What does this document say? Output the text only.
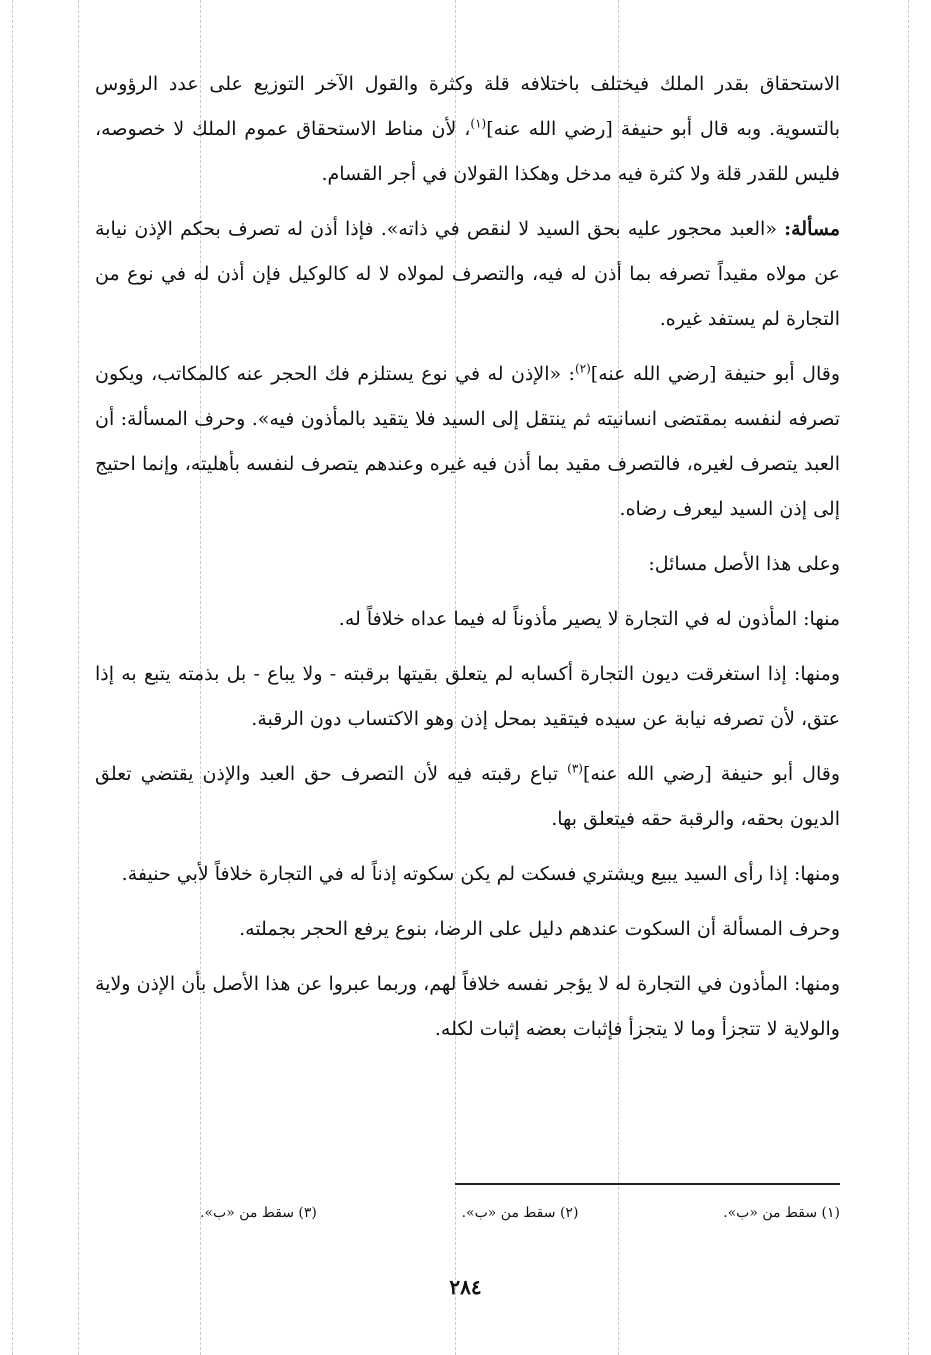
الاستحقاق بقدر الملك فيختلف باختلافه قلة وكثرة والقول الآخر التوزيع على عدد الرؤوس بالتسوية. وبه قال أبو حنيفة [رضي الله عنه]$^{(١)}$، لأن مناط الاستحقاق عموم الملك لا خصوصه، فليس للقدر قلة ولا كثرة فيه مدخل وهكذا القولان في أجر القسام.

مسألة: «العبد محجور عليه بحق السيد لا لنقص في ذاته». فإذا أذن له تصرف بحكم الإذن نيابة عن مولاه مقيداً تصرفه بما أذن له فيه، والتصرف لمولاه لا له كالوكيل فإن أذن له في نوع من التجارة لم يستفد غيره.

وقال أبو حنيفة [رضي الله عنه]$^{(٢)}$: «الإذن له في نوع يستلزم فك الحجر عنه كالمكاتب، ويكون تصرفه لنفسه بمقتضى انسانيته ثم ينتقل إلى السيد فلا يتقيد بالمأذون فيه». وحرف المسألة: أن العبد يتصرف لغيره، فالتصرف مقيد بما أذن فيه غيره وعندهم يتصرف لنفسه بأهليته، وإنما احتيج إلى إذن السيد ليعرف رضاه.

وعلى هذا الأصل مسائل:

منها: المأذون له في التجارة لا يصير مأذوناً له فيما عداه خلافاً له.

ومنها: إذا استغرقت ديون التجارة أكسابه لم يتعلق بقيتها برقبته - ولا يباع - بل بذمته يتبع به إذا عتق، لأن تصرفه نيابة عن سيده فيتقيد بمحل إذن وهو الاكتساب دون الرقبة.

وقال أبو حنيفة [رضي الله عنه]$^{(٣)}$ تباع رقبته فيه لأن التصرف حق العبد والإذن يقتضي تعلق الديون بحقه، والرقبة حقه فيتعلق بها.

ومنها: إذا رأى السيد يبيع ويشتري فسكت لم يكن سكوته إذناً له في التجارة خلافاً لأبي حنيفة.

وحرف المسألة أن السكوت عندهم دليل على الرضا، بنوع يرفع الحجر بجملته.

ومنها: المأذون في التجارة له لا يؤجر نفسه خلافاً لهم، وربما عبروا عن هذا الأصل بأن الإذن ولاية والولاية لا تتجزأ وما لا يتجزأ فإثبات بعضه إثبات لكله.

(١) سقط من «ب».
(٢) سقط من «ب».
(٣) سقط من «ب».
٢٨٤
